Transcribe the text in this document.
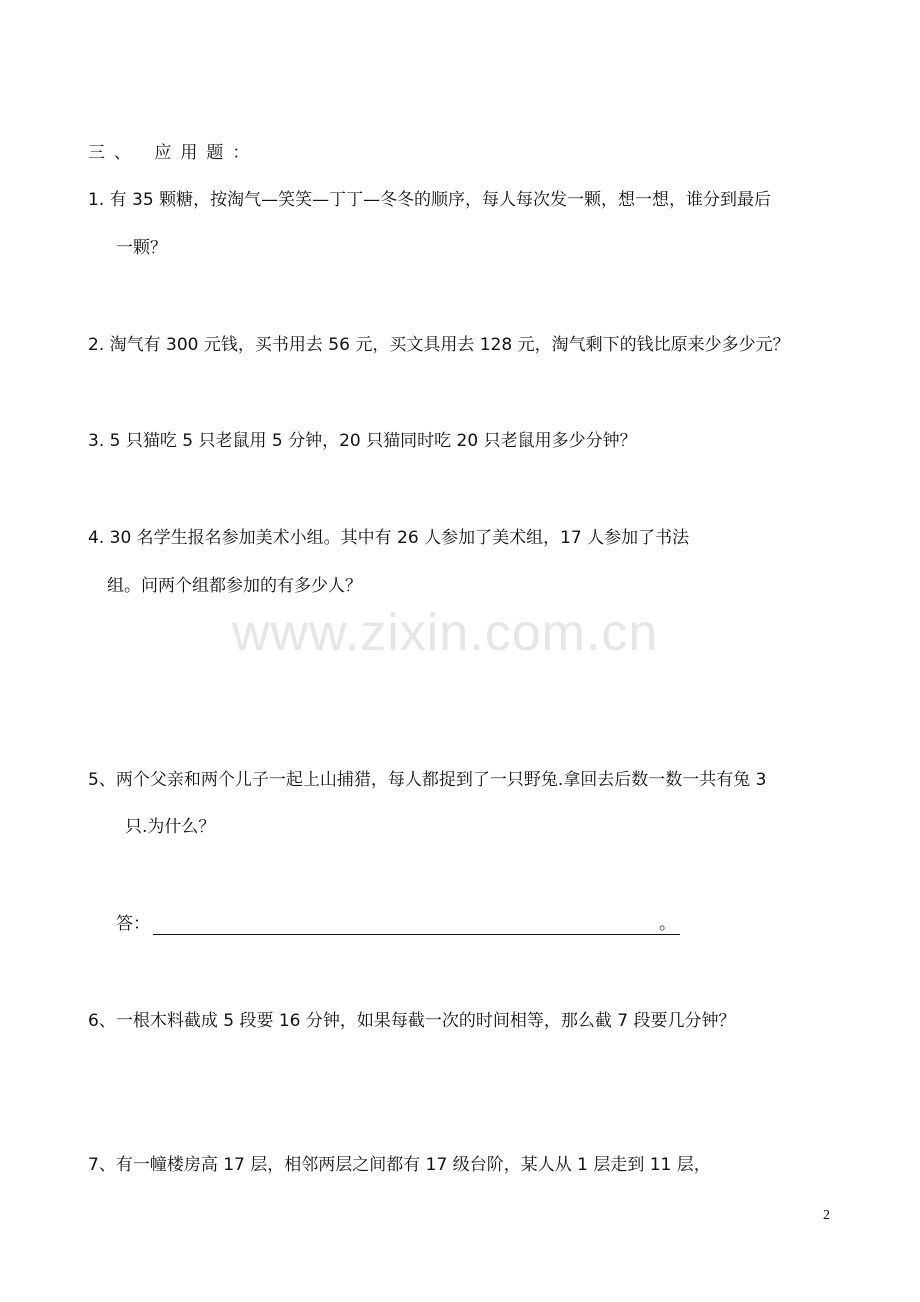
三、 应用题：
1. 有 35 颗糖，按淘气—笑笑—丁丁—冬冬的顺序，每人每次发一颗，想一想，谁分到最后
一颗？
2. 淘气有 300 元钱，买书用去 56 元，买文具用去 128 元，淘气剩下的钱比原来少多少元？
3. 5 只猫吃 5 只老鼠用 5 分钟，20 只猫同时吃 20 只老鼠用多少分钟？
4. 30 名学生报名参加美术小组。其中有 26 人参加了美术组，17 人参加了书法
组。问两个组都参加的有多少人？
www.zixin.com.cn
5、两个父亲和两个儿子一起上山捕猎，每人都捉到了一只野兔.拿回去后数一数一共有兔 3
只.为什么？
答：	。
6、一根木料截成 5 段要 16 分钟，如果每截一次的时间相等，那么截 7 段要几分钟？
7、有一幢楼房高 17 层，相邻两层之间都有 17 级台阶，某人从 1 层走到 11 层，
2
